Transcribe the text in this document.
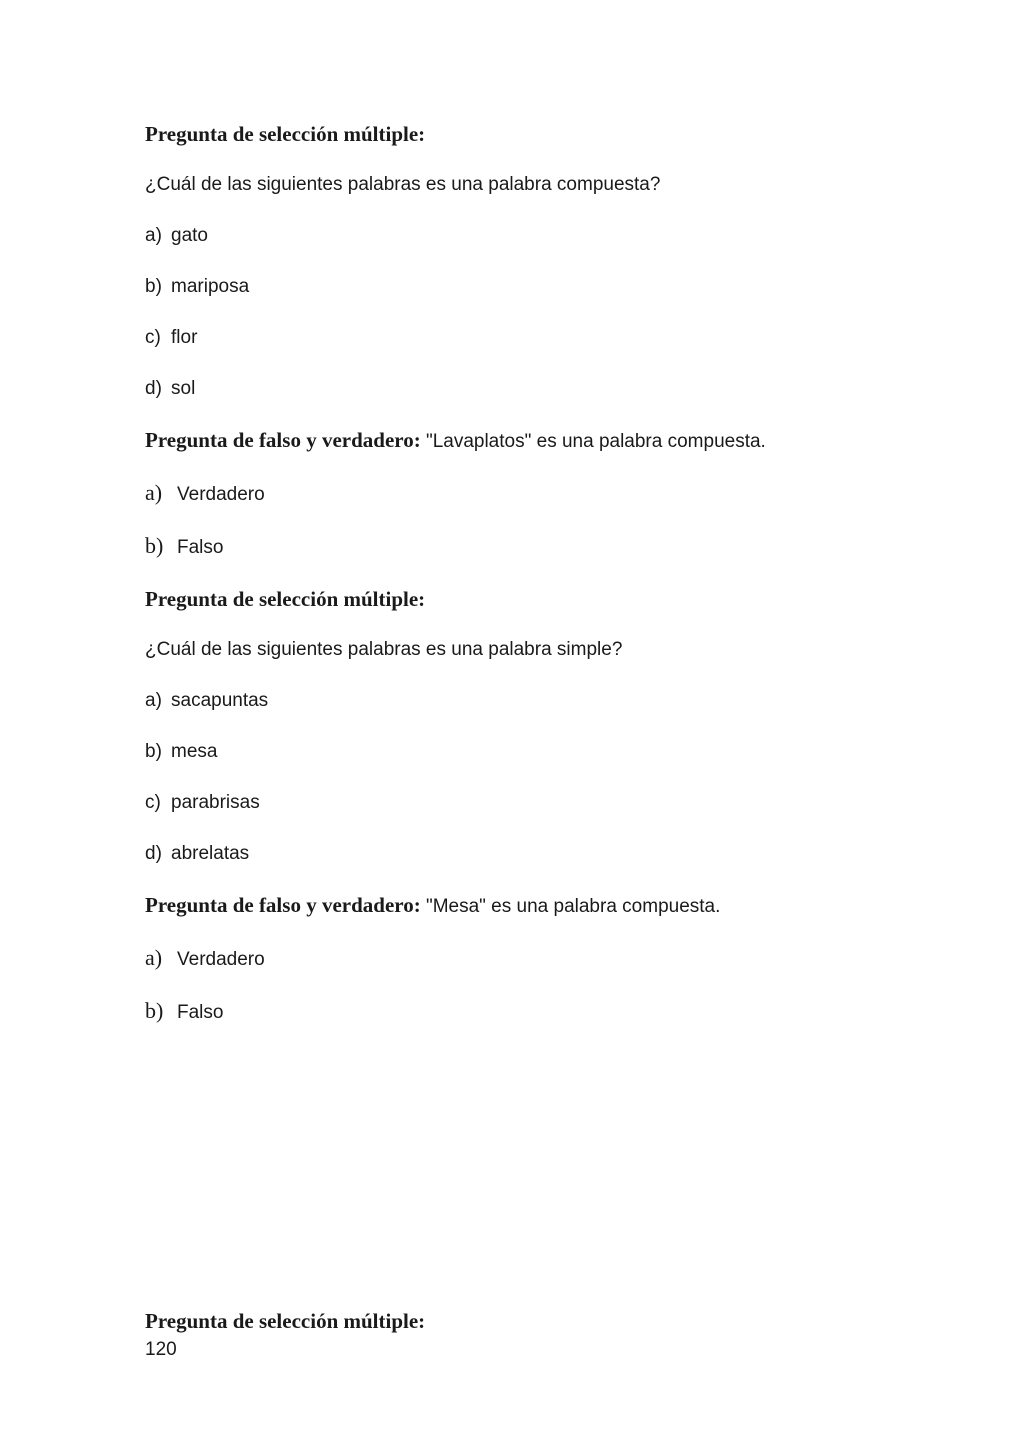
Pregunta de selección múltiple:

¿Cuál de las siguientes palabras es una palabra compuesta?

a) gato

b) mariposa

c) flor

d) sol

Pregunta de falso y verdadero: "Lavaplatos" es una palabra compuesta.

a) Verdadero

b) Falso

Pregunta de selección múltiple:

¿Cuál de las siguientes palabras es una palabra simple?

a) sacapuntas

b) mesa

c) parabrisas

d) abrelatas

Pregunta de falso y verdadero: "Mesa" es una palabra compuesta.

a) Verdadero

b) Falso

Pregunta de selección múltiple:

120
